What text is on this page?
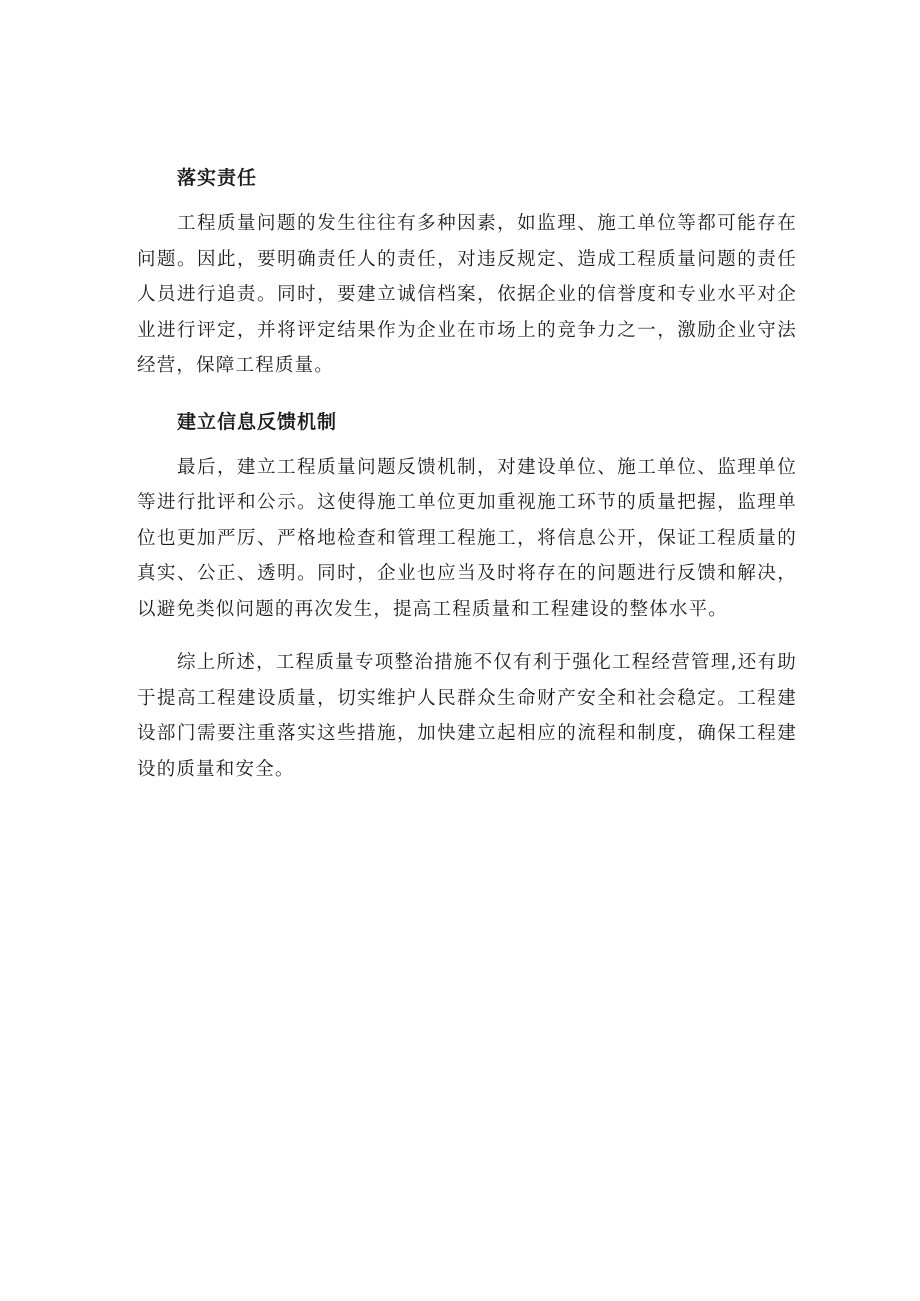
落实责任

工程质量问题的发生往往有多种因素，如监理、施工单位等都可能存在问题。因此，要明确责任人的责任，对违反规定、造成工程质量问题的责任人员进行追责。同时，要建立诚信档案，依据企业的信誉度和专业水平对企业进行评定，并将评定结果作为企业在市场上的竞争力之一，激励企业守法经营，保障工程质量。

建立信息反馈机制

最后，建立工程质量问题反馈机制，对建设单位、施工单位、监理单位等进行批评和公示。这使得施工单位更加重视施工环节的质量把握，监理单位也更加严厉、严格地检查和管理工程施工，将信息公开，保证工程质量的真实、公正、透明。同时，企业也应当及时将存在的问题进行反馈和解决，以避免类似问题的再次发生，提高工程质量和工程建设的整体水平。

综上所述，工程质量专项整治措施不仅有利于强化工程经营管理,还有助于提高工程建设质量，切实维护人民群众生命财产安全和社会稳定。工程建设部门需要注重落实这些措施，加快建立起相应的流程和制度，确保工程建设的质量和安全。
